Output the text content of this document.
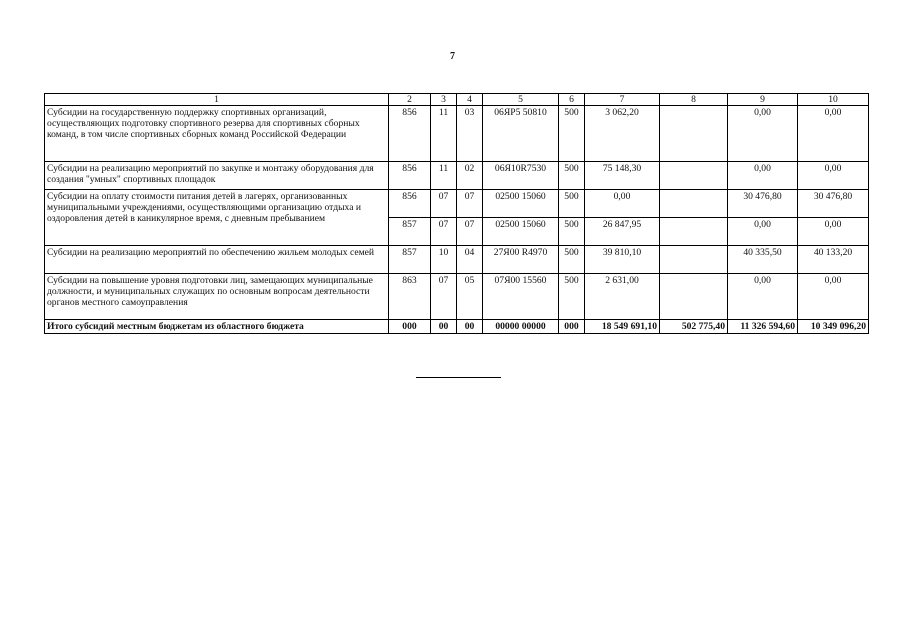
7
1	2	3	4	5	6	7	8	9	10
Субсидии на государственную поддержку спортивных организаций, осуществляющих подготовку спортивного резерва для спортивных сборных команд, в том числе спортивных сборных команд Российской Федерации	856	11	03	06ЯР5 50810	500	3 062,20		0,00	0,00
Субсидии на реализацию мероприятий по закупке и монтажу оборудования для создания "умных" спортивных площадок	856	11	02	06Я10R7530	500	75 148,30		0,00	0,00
Субсидии на оплату стоимости питания детей в лагерях, организованных муниципальными учреждениями, осуществляющими организацию отдыха и оздоровления детей в каникулярное время, с дневным пребыванием	856	07	07	02500 15060	500	0,00		30 476,80	30 476,80
	857	07	07	02500 15060	500	26 847,95		0,00	0,00
Субсидии на реализацию мероприятий по обеспечению жильем молодых семей	857	10	04	27Я00 R4970	500	39 810,10		40 335,50	40 133,20
Субсидии на повышение уровня подготовки лиц, замещающих муниципальные должности, и муниципальных служащих по основным вопросам деятельности органов местного самоуправления	863	07	05	07Я00 15560	500	2 631,00		0,00	0,00
Итого субсидий местным бюджетам из областного бюджета	000	00	00	00000 00000	000	18 549 691,10	502 775,40	11 326 594,60	10 349 096,20
